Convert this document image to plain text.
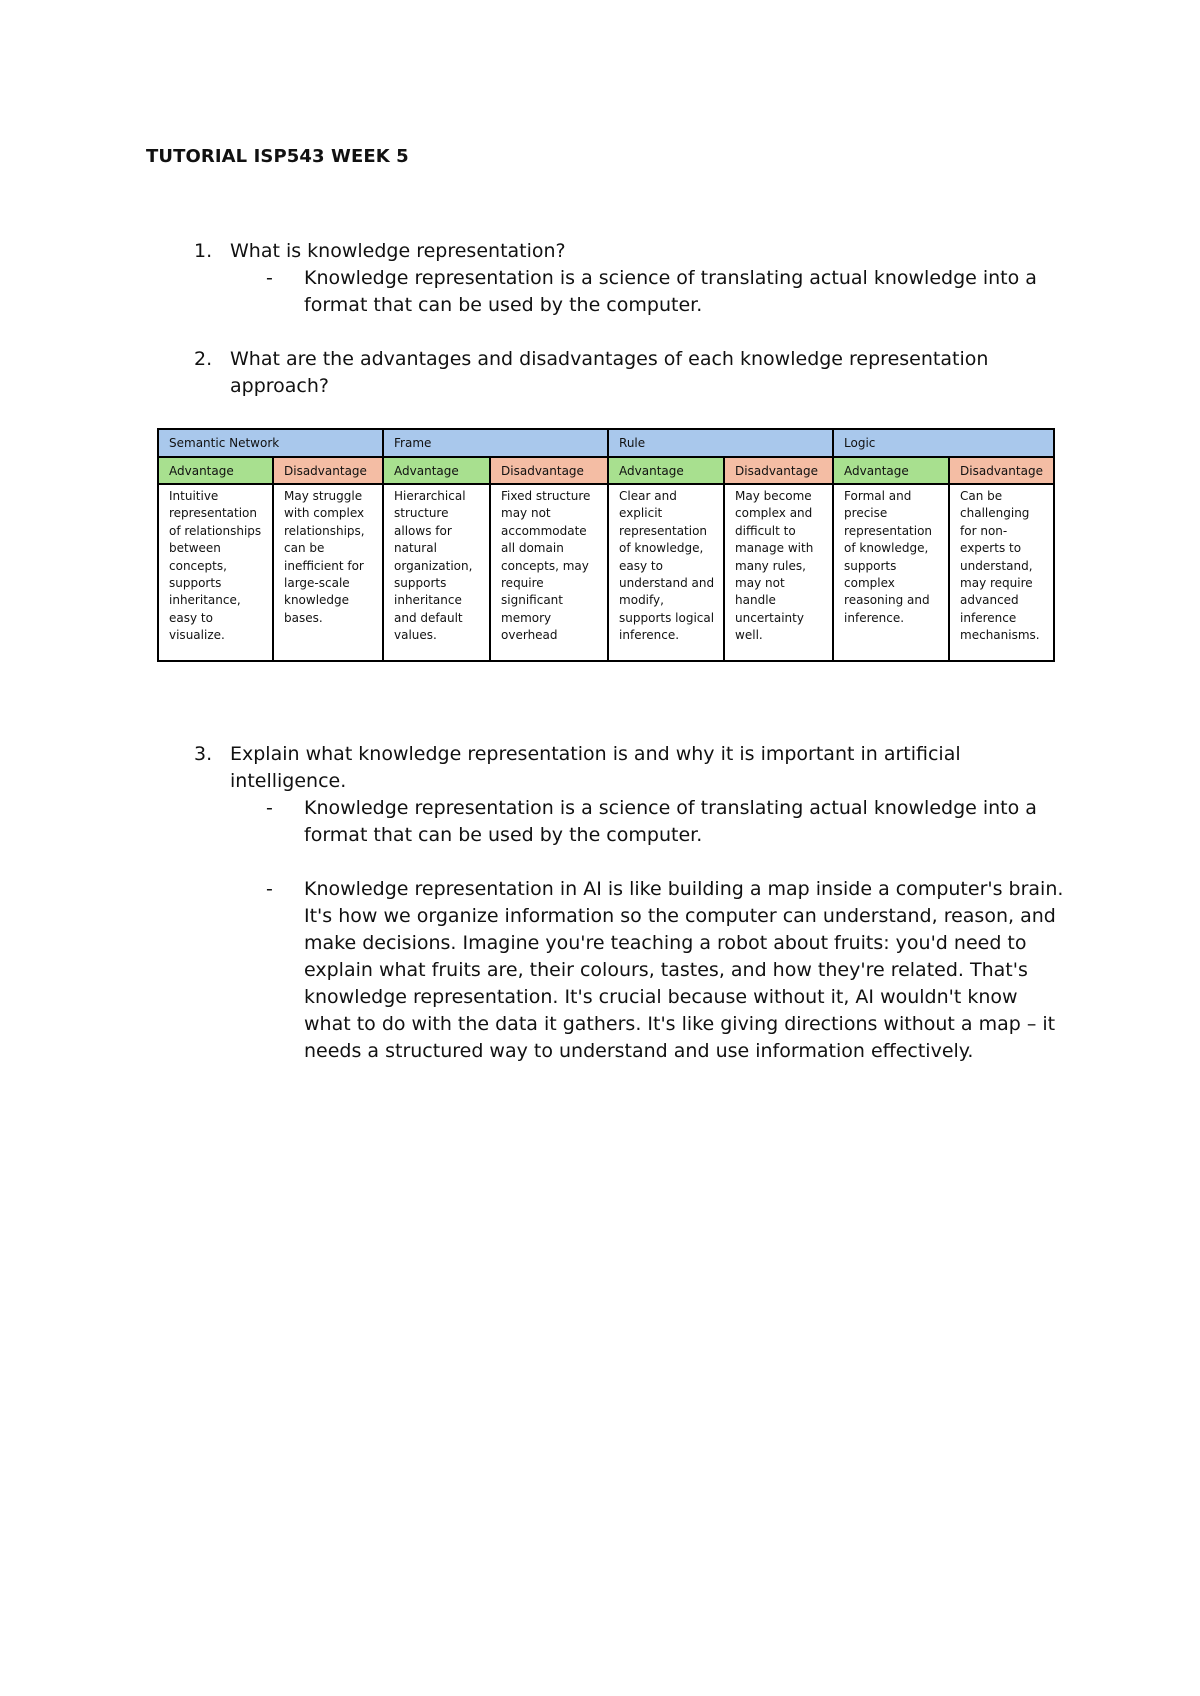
TUTORIAL ISP543 WEEK 5
1. What is knowledge representation?
- Knowledge representation is a science of translating actual knowledge into a format that can be used by the computer.
2. What are the advantages and disadvantages of each knowledge representation approach?
Semantic Network		Frame		Rule		Logic	
Advantage	Disadvantage	Advantage	Disadvantage	Advantage	Disadvantage	Advantage	Disadvantage
Intuitive representation of relationships between concepts, supports inheritance, easy to visualize.	May struggle with complex relationships, can be inefficient for large-scale knowledge bases.	Hierarchical structure allows for natural organization, supports inheritance and default values.	Fixed structure may not accommodate all domain concepts, may require significant memory overhead	Clear and explicit representation of knowledge, easy to understand and modify, supports logical inference.	May become complex and difficult to manage with many rules, may not handle uncertainty well.	Formal and precise representation of knowledge, supports complex reasoning and inference.	Can be challenging for non-experts to understand, may require advanced inference mechanisms.
3. Explain what knowledge representation is and why it is important in artificial intelligence.
- Knowledge representation is a science of translating actual knowledge into a format that can be used by the computer.
- Knowledge representation in AI is like building a map inside a computer's brain. It's how we organize information so the computer can understand, reason, and make decisions. Imagine you're teaching a robot about fruits: you'd need to explain what fruits are, their colours, tastes, and how they're related. That's knowledge representation. It's crucial because without it, AI wouldn't know what to do with the data it gathers. It's like giving directions without a map – it needs a structured way to understand and use information effectively.
